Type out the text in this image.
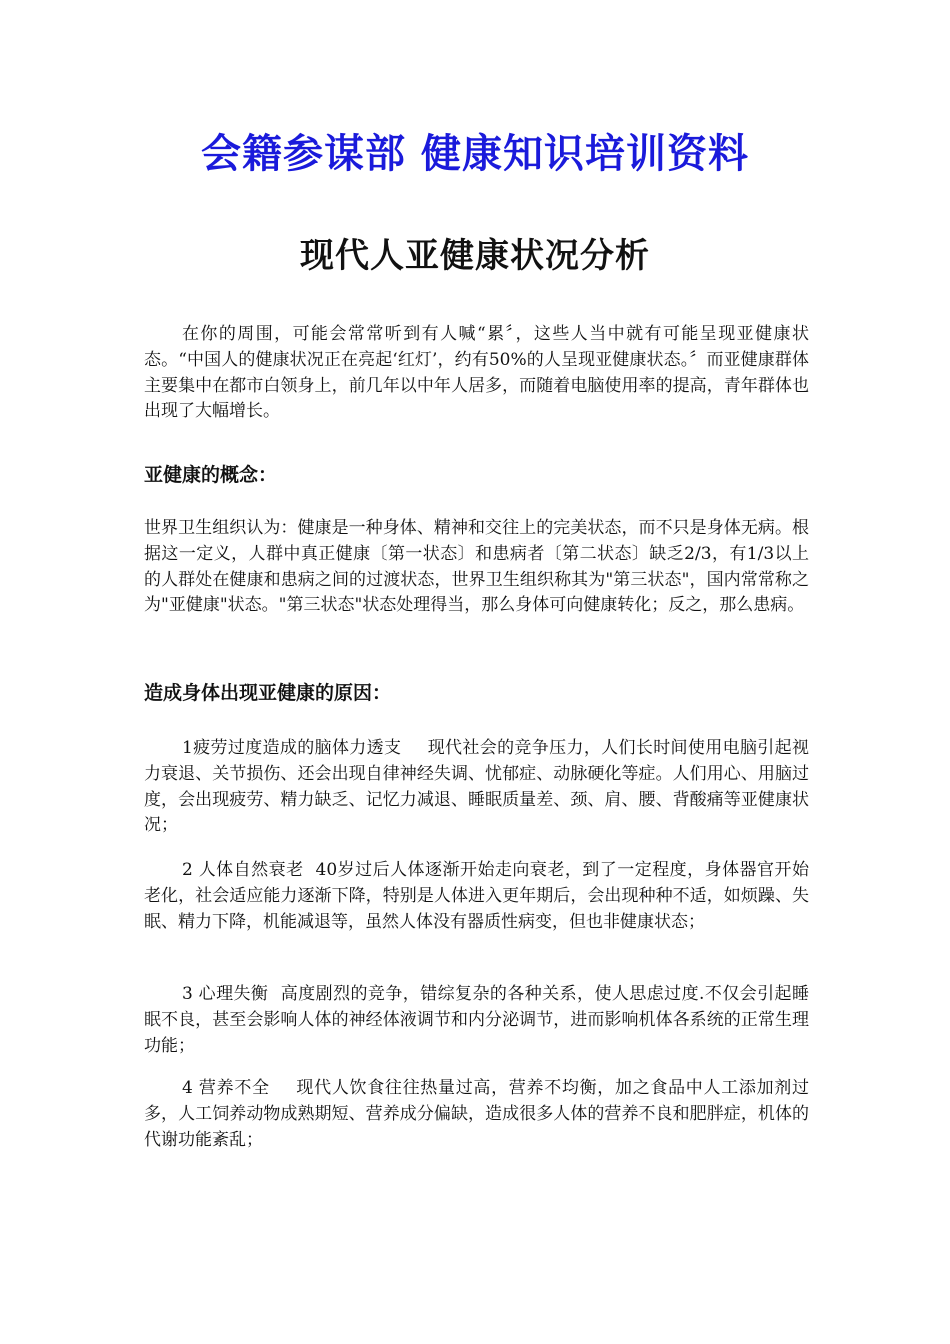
会籍参谋部 健康知识培训资料
现代人亚健康状况分析

在你的周围，可能会常常听到有人喊“累〞，这些人当中就有可能呈现亚健康状态。“中国人的健康状况正在亮起‘红灯’，约有50%的人呈现亚健康状态。〞而亚健康群体主要集中在都市白领身上，前几年以中年人居多，而随着电脑使用率的提高，青年群体也出现了大幅增长。

亚健康的概念：

世界卫生组织认为：健康是一种身体、精神和交往上的完美状态，而不只是身体无病。根据这一定义，人群中真正健康〔第一状态〕和患病者〔第二状态〕缺乏2/3，有1/3以上的人群处在健康和患病之间的过渡状态，世界卫生组织称其为"第三状态"，国内常常称之为"亚健康"状态。"第三状态"状态处理得当，那么身体可向健康转化；反之，那么患病。

造成身体出现亚健康的原因：

1疲劳过度造成的脑体力透支 现代社会的竞争压力，人们长时间使用电脑引起视力衰退、关节损伤、还会出现自律神经失调、忧郁症、动脉硬化等症。人们用心、用脑过度，会出现疲劳、精力缺乏、记忆力减退、睡眠质量差、颈、肩、腰、背酸痛等亚健康状况；

2 人体自然衰老 40岁过后人体逐渐开始走向衰老，到了一定程度，身体器官开始老化，社会适应能力逐渐下降，特别是人体进入更年期后，会出现种种不适，如烦躁、失眠、精力下降，机能减退等，虽然人体没有器质性病变，但也非健康状态；

3 心理失衡 高度剧烈的竞争，错综复杂的各种关系，使人思虑过度.不仅会引起睡眠不良，甚至会影响人体的神经体液调节和内分泌调节，进而影响机体各系统的正常生理功能；

4 营养不全 现代人饮食往往热量过高，营养不均衡，加之食品中人工添加剂过多，人工饲养动物成熟期短、营养成分偏缺，造成很多人体的营养不良和肥胖症，机体的代谢功能紊乱；
